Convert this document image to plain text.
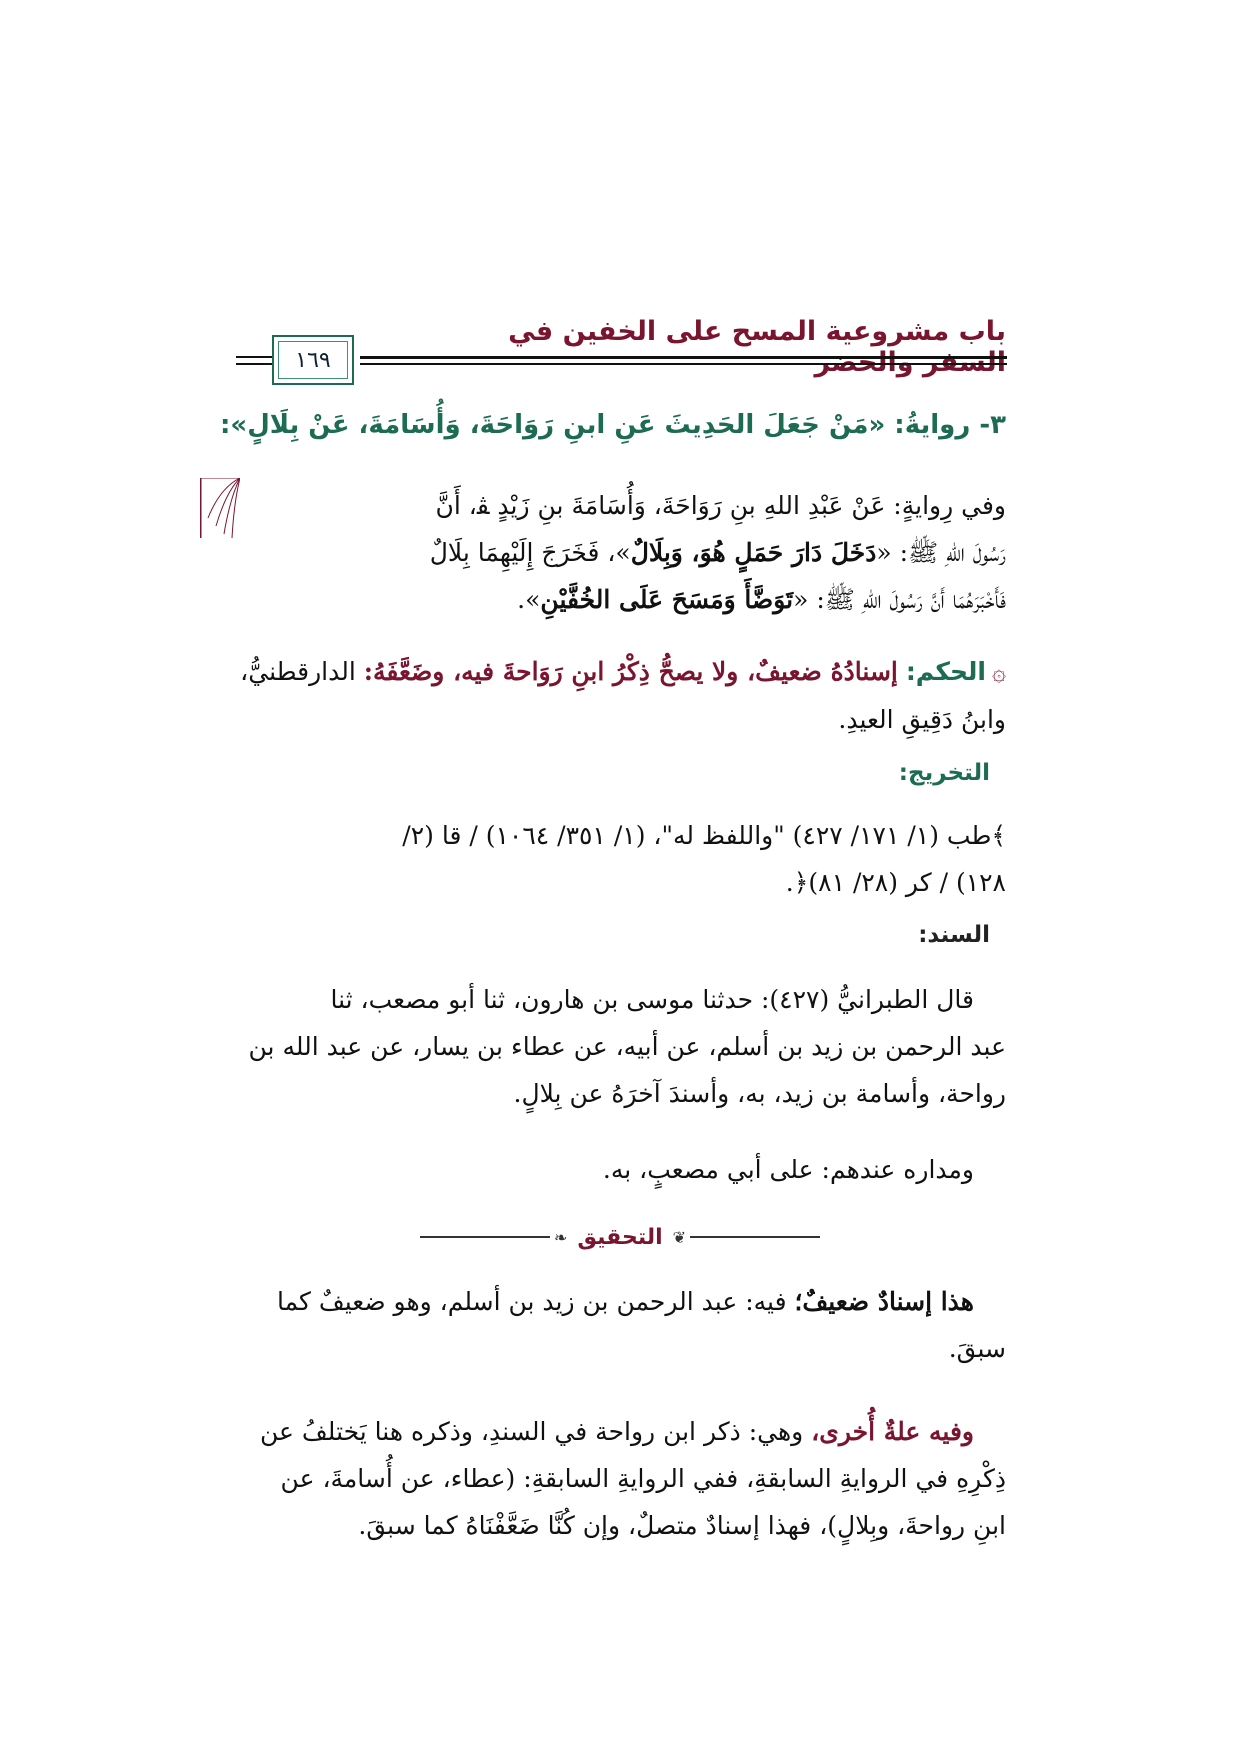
باب مشروعية المسح على الخفين في
١٦٩
٣- روايةُ: «مَنْ جَعَلَ الحَدِيثَ عَنِ ابنِ رَوَاحَةَ، وَأُسَامَةَ، عَنْ بِلَالٍ»:
وفي رِوايةٍ: عَنْ عَبْدِ اللهِ بنِ رَوَاحَةَ، وَأُسَامَةَ بنِ زَيْدٍ ﭭ، أَنَّ
رَسُولَ اللهِ ﷺ: «دَخَلَ دَارَ حَمَلٍ هُوَ، وَبِلَالٌ»، فَخَرَجَ إِلَيْهِمَا بِلَالٌ
فَأَخْبَرَهُمَا أَنَّ رَسُولَ اللهِ ﷺ: «تَوَضَّأَ وَمَسَحَ عَلَى الخُفَّيْنِ».
۞الحكم: إسنادُهُ ضعيفٌ، ولا يصحُّ ذِكْرُ ابنِ رَوَاحةَ فيه، وضَعَّفَهُ: الدارقطنيُّ،
وابنُ دَقِيقِ العيدِ.
التخريج:
﴾طب (١/ ١٧١/ ٤٢٧) "واللفظ له"، (١/ ٣٥١/ ١٠٦٤) / قا (٢/
١٢٨) / كر (٢٨/ ٨١)﴿.
السند:
قال الطبرانيُّ (٤٢٧): حدثنا موسى بن هارون، ثنا أبو مصعب، ثنا
عبد الرحمن بن زيد بن أسلم، عن أبيه، عن عطاء بن يسار، عن عبد الله بن
رواحة، وأسامة بن زيد، به، وأسندَ آخرَهُ عن بِلالٍ.
ومداره عندهم: على أبي مصعبٍ، به.
❦
التحقيق
❧
هذا إسنادٌ ضعيفٌ؛ فيه: عبد الرحمن بن زيد بن أسلم، وهو ضعيفٌ كما
سبقَ.
وفيه علةٌ أُخرى، وهي: ذكر ابن رواحة في السندِ، وذكره هنا يَختلفُ عن
ذِكْرِهِ في الروايةِ السابقةِ، ففي الروايةِ السابقةِ: (عطاء، عن أُسامةَ، عن
ابنِ رواحةَ، وبِلالٍ)، فهذا إسنادٌ متصلٌ، وإن كُنَّا ضَعَّفْنَاهُ كما سبقَ.
